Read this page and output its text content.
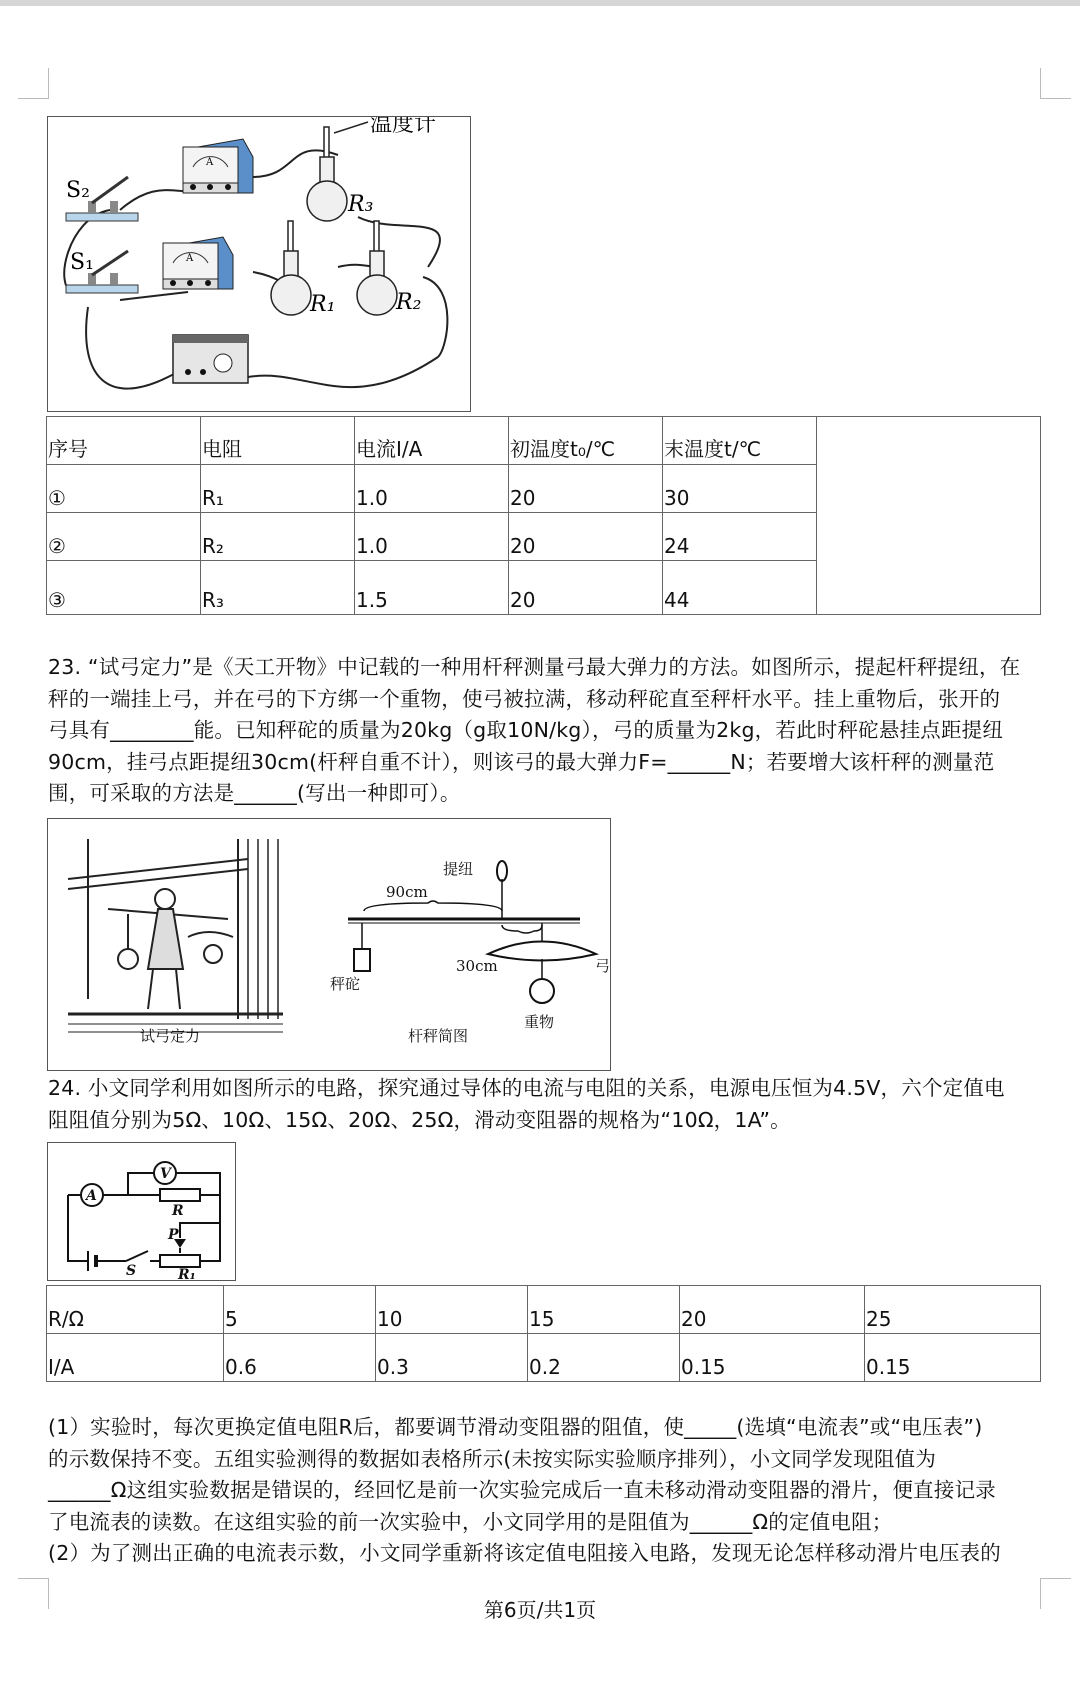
S₂
S₁
A
A
温度计
R₃
R₁	R₂
序号	电阻	电流I/A	初温度t₀/℃	末温度t/℃	
①	R₁	1.0	20	30	
②	R₂	1.0	20	24	
③	R₃	1.5	20	44	

23. “试弓定力”是《天工开物》中记载的一种用杆秤测量弓最大弹力的方法。如图所示，提起杆秤提纽，在

秤的一端挂上弓，并在弓的下方绑一个重物，使弓被拉满，移动秤砣直至秤杆水平。挂上重物后，张开的

弓具有________能。已知秤砣的质量为20kg（g取10N/kg），弓的质量为2kg，若此时秤砣悬挂点距提纽

90cm，挂弓点距提纽30cm(杆秤自重不计），则该弓的最大弹力F=______N；若要增大该杆秤的测量范

围，可采取的方法是______(写出一种即可）。

提纽
90cm
30cm	弓
秤砣
重物
试弓定力	杆秤简图

24. 小文同学利用如图所示的电路，探究通过导体的电流与电阻的关系，电源电压恒为4.5V，六个定值电

阻阻值分别为5Ω、10Ω、15Ω、20Ω、25Ω，滑动变阻器的规格为“10Ω，1A”。

A
V
R
P
S	R₁
R/Ω	5	10	15	20	25
I/A	0.6	0.3	0.2	0.15	0.15

(1）实验时，每次更换定值电阻R后，都要调节滑动变阻器的阻值，使_____(选填“电流表”或“电压表”)

的示数保持不变。五组实验测得的数据如表格所示(未按实际实验顺序排列），小文同学发现阻值为

______Ω这组实验数据是错误的，经回忆是前一次实验完成后一直未移动滑动变阻器的滑片，便直接记录

了电流表的读数。在这组实验的前一次实验中，小文同学用的是阻值为______Ω的定值电阻；

(2）为了测出正确的电流表示数，小文同学重新将该定值电阻接入电路，发现无论怎样移动滑片电压表的

第6页/共1页
